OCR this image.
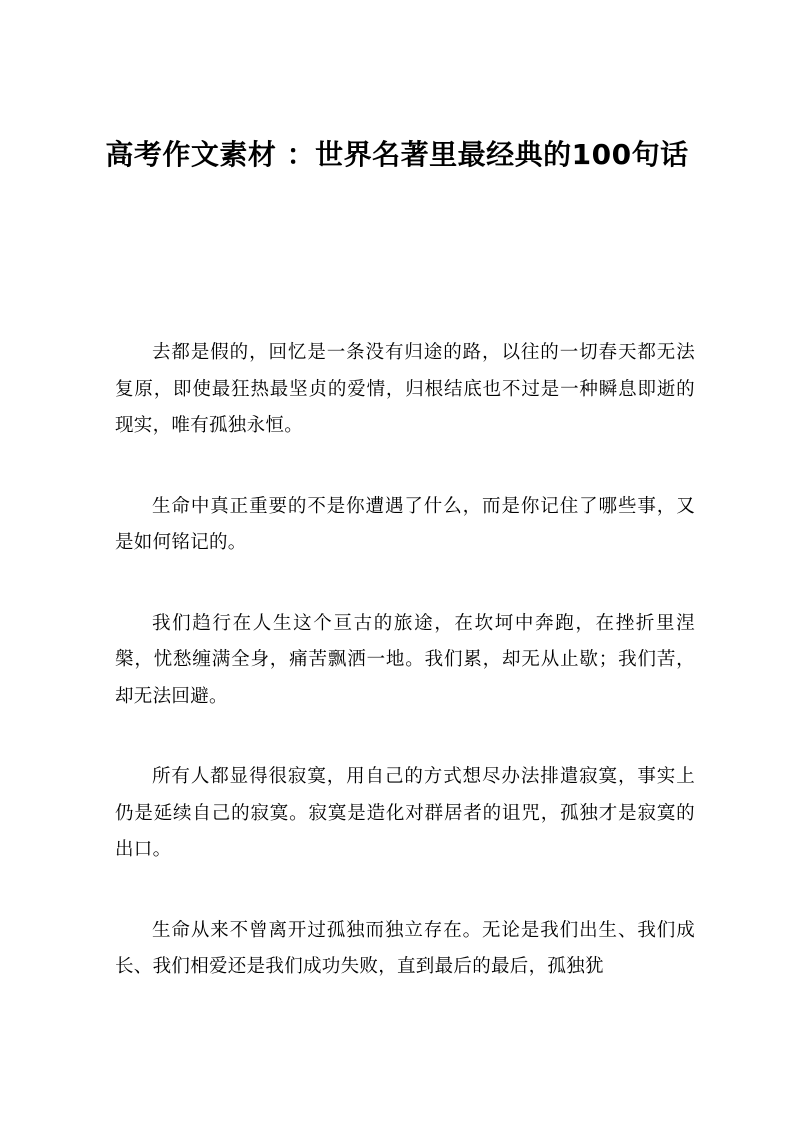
高考作文素材 ：世界名著里最经典的100句话

去都是假的，回忆是一条没有归途的路，以往的一切春天都无法复原，即使最狂热最坚贞的爱情，归根结底也不过是一种瞬息即逝的现实，唯有孤独永恒。

生命中真正重要的不是你遭遇了什么，而是你记住了哪些事，又是如何铭记的。

我们趋行在人生这个亘古的旅途，在坎坷中奔跑，在挫折里涅槃，忧愁缠满全身，痛苦飘洒一地。我们累，却无从止歇；我们苦，却无法回避。

所有人都显得很寂寞，用自己的方式想尽办法排遣寂寞，事实上仍是延续自己的寂寞。寂寞是造化对群居者的诅咒，孤独才是寂寞的出口。

生命从来不曾离开过孤独而独立存在。无论是我们出生、我们成长、我们相爱还是我们成功失败，直到最后的最后，孤独犹
